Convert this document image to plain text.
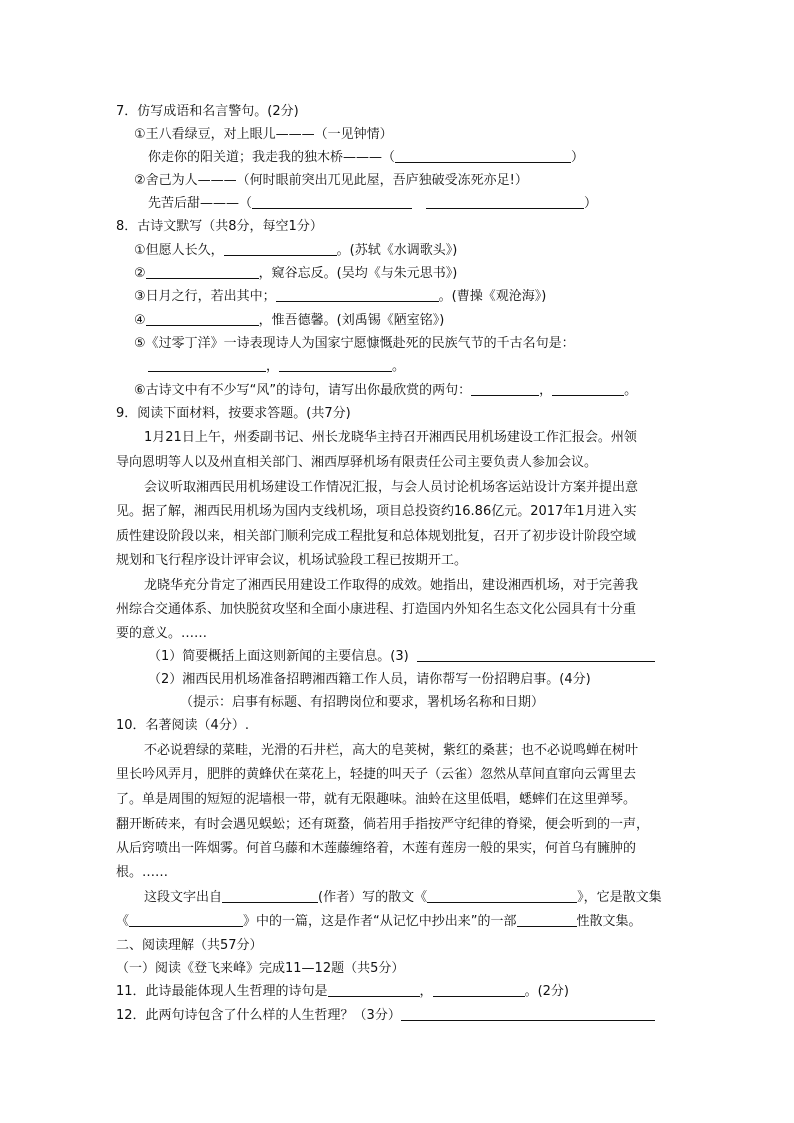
7．仿写成语和名言警句。(2分)
①王八看绿豆，对上眼儿———（一见钟情）
你走你的阳关道；我走我的独木桥———（	）
②舍己为人———（何时眼前突出兀见此屋，吾庐独破受冻死亦足!）
先苦后甜———（	）
8．古诗文默写（共8分，每空1分）
①但愿人长久，	。(苏轼《水调歌头》)
②	，窥谷忘反。(吴均《与朱元思书》)
③日月之行，若出其中；	。(曹操《观沧海》)
④	，惟吾德馨。(刘禹锡《陋室铭》)
⑤《过零丁洋》一诗表现诗人为国家宁愿慷慨赴死的民族气节的千古名句是：
，	。
⑥古诗文中有不少写“风”的诗句，请写出你最欣赏的两句：	，	。
9．阅读下面材料，按要求答题。(共7分)
1月21日上午，州委副书记、州长龙晓华主持召开湘西民用机场建设工作汇报会。州领
导向恩明等人以及州直相关部门、湘西厚驿机场有限责任公司主要负责人参加会议。
会议听取湘西民用机场建设工作情况汇报，与会人员讨论机场客运站设计方案并提出意
见。据了解，湘西民用机场为国内支线机场，项目总投资约16.86亿元。2017年1月进入实
质性建设阶段以来，相关部门顺利完成工程批复和总体规划批复，召开了初步设计阶段空域
规划和飞行程序设计评审会议，机场试验段工程已按期开工。
龙晓华充分肯定了湘西民用建设工作取得的成效。她指出，建设湘西机场，对于完善我
州综合交通体系、加快脱贫攻坚和全面小康进程、打造国内外知名生态文化公园具有十分重
要的意义。……
（1）简要概括上面这则新闻的主要信息。(3)
（2）湘西民用机场准备招聘湘西籍工作人员，请你帮写一份招聘启事。(4分)
（提示：启事有标题、有招聘岗位和要求，署机场名称和日期）
10．名著阅读（4分）.
不必说碧绿的菜畦，光滑的石井栏，高大的皂荚树，紫红的桑葚；也不必说鸣蝉在树叶
里长吟风弄月，肥胖的黄蜂伏在菜花上，轻捷的叫天子（云雀）忽然从草间直窜向云霄里去
了。单是周围的短短的泥墙根一带，就有无限趣味。油蛉在这里低唱，蟋蟀们在这里弹琴。
翻开断砖来，有时会遇见蜈蚣；还有斑蝥，倘若用手指按严守纪律的脊梁，便会听到的一声，
从后窍喷出一阵烟雾。何首乌藤和木莲藤缠络着，木莲有莲房一般的果实，何首乌有臃肿的
根。……
这段文字出自	(作者）写的散文《	》，它是散文集
《	》中的一篇，这是作者“从记忆中抄出来”的一部	性散文集。
二、阅读理解（共57分）
（一）阅读《登飞来峰》完成11—12题（共5分）
11．此诗最能体现人生哲理的诗句是	，	。(2分)
12．此两句诗包含了什么样的人生哲理？（3分）
